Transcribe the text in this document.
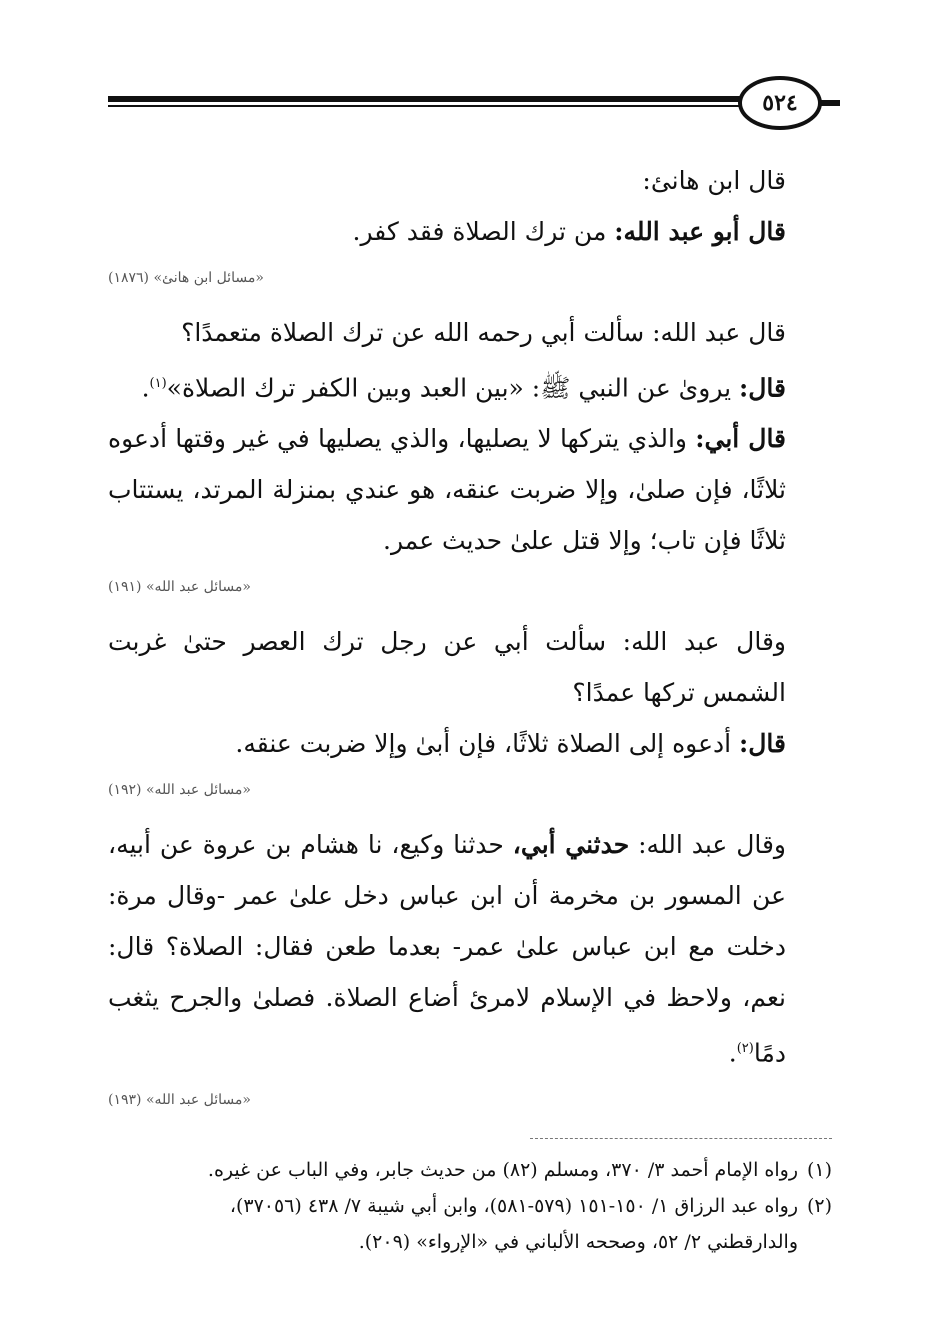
٥٢٤

قال ابن هانئ:

قال أبو عبد الله: من ترك الصلاة فقد كفر.

«مسائل ابن هانئ» (١٨٧٦)

قال عبد الله: سألت أبي رحمه الله عن ترك الصلاة متعمدًا؟

قال: يروىٰ عن النبي ﷺ: «بين العبد وبين الكفر ترك الصلاة»$^{(١)}$.

قال أبي: والذي يتركها لا يصليها، والذي يصليها في غير وقتها أدعوه ثلاثًا، فإن صلىٰ، وإلا ضربت عنقه، هو عندي بمنزلة المرتد، يستتاب ثلاثًا فإن تاب؛ وإلا قتل علىٰ حديث عمر.

«مسائل عبد الله» (١٩١)

وقال عبد الله: سألت أبي عن رجل ترك العصر حتىٰ غربت الشمس تركها عمدًا؟

قال: أدعوه إلى الصلاة ثلاثًا، فإن أبىٰ وإلا ضربت عنقه.

«مسائل عبد الله» (١٩٢)

وقال عبد الله: حدثني أبي، حدثنا وكيع، نا هشام بن عروة عن أبيه، عن المسور بن مخرمة أن ابن عباس دخل علىٰ عمر -وقال مرة: دخلت مع ابن عباس علىٰ عمر- بعدما طعن فقال: الصلاة؟ قال: نعم، ولاحظ في الإسلام لامرئ أضاع الصلاة. فصلىٰ والجرح يثغب دمًا$^{(٢)}$.

«مسائل عبد الله» (١٩٣)

(١)رواه الإمام أحمد ٣/ ٣٧٠، ومسلم (٨٢) من حديث جابر، وفي الباب عن غيره.

(٢)رواه عبد الرزاق ١/ ١٥٠-١٥١ (٥٧٩-٥٨١)، وابن أبي شيبة ٧/ ٤٣٨ (٣٧٠٥٦)،

والدارقطني ٢/ ٥٢، وصححه الألباني في «الإرواء» (٢٠٩).
